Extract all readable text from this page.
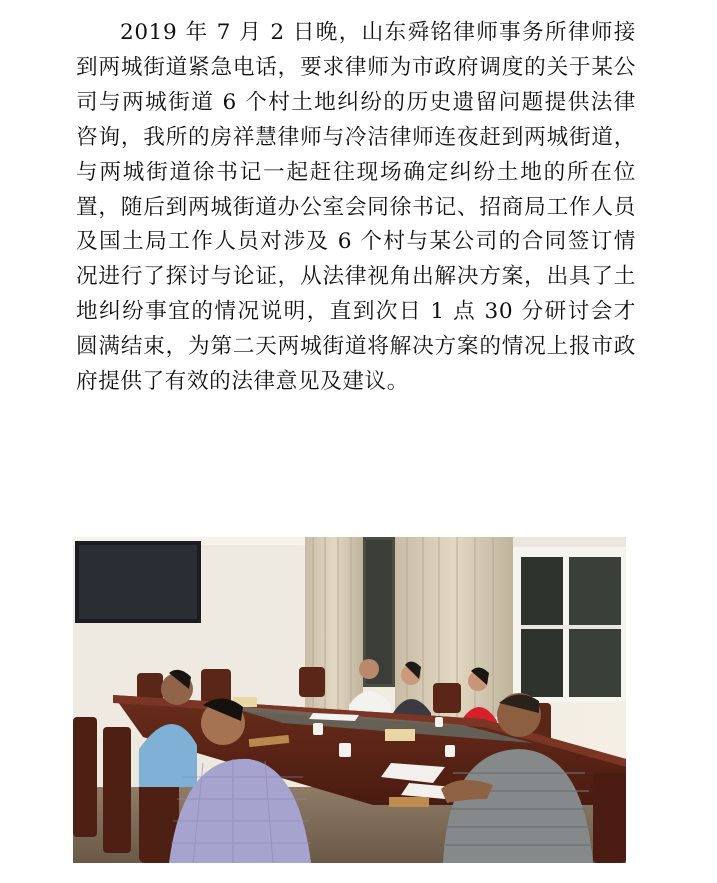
2019 年 7 月 2 日晚，山东舜铭律师事务所律师接到两城街道紧急电话，要求律师为市政府调度的关于某公司与两城街道 6 个村土地纠纷的历史遗留问题提供法律咨询，我所的房祥慧律师与冷洁律师连夜赶到两城街道，与两城街道徐书记一起赶往现场确定纠纷土地的所在位置，随后到两城街道办公室会同徐书记、招商局工作人员及国土局工作人员对涉及 6 个村与某公司的合同签订情况进行了探讨与论证，从法律视角出解决方案，出具了土地纠纷事宜的情况说明，直到次日 1 点 30 分研讨会才圆满结束，为第二天两城街道将解决方案的情况上报市政府提供了有效的法律意见及建议。
